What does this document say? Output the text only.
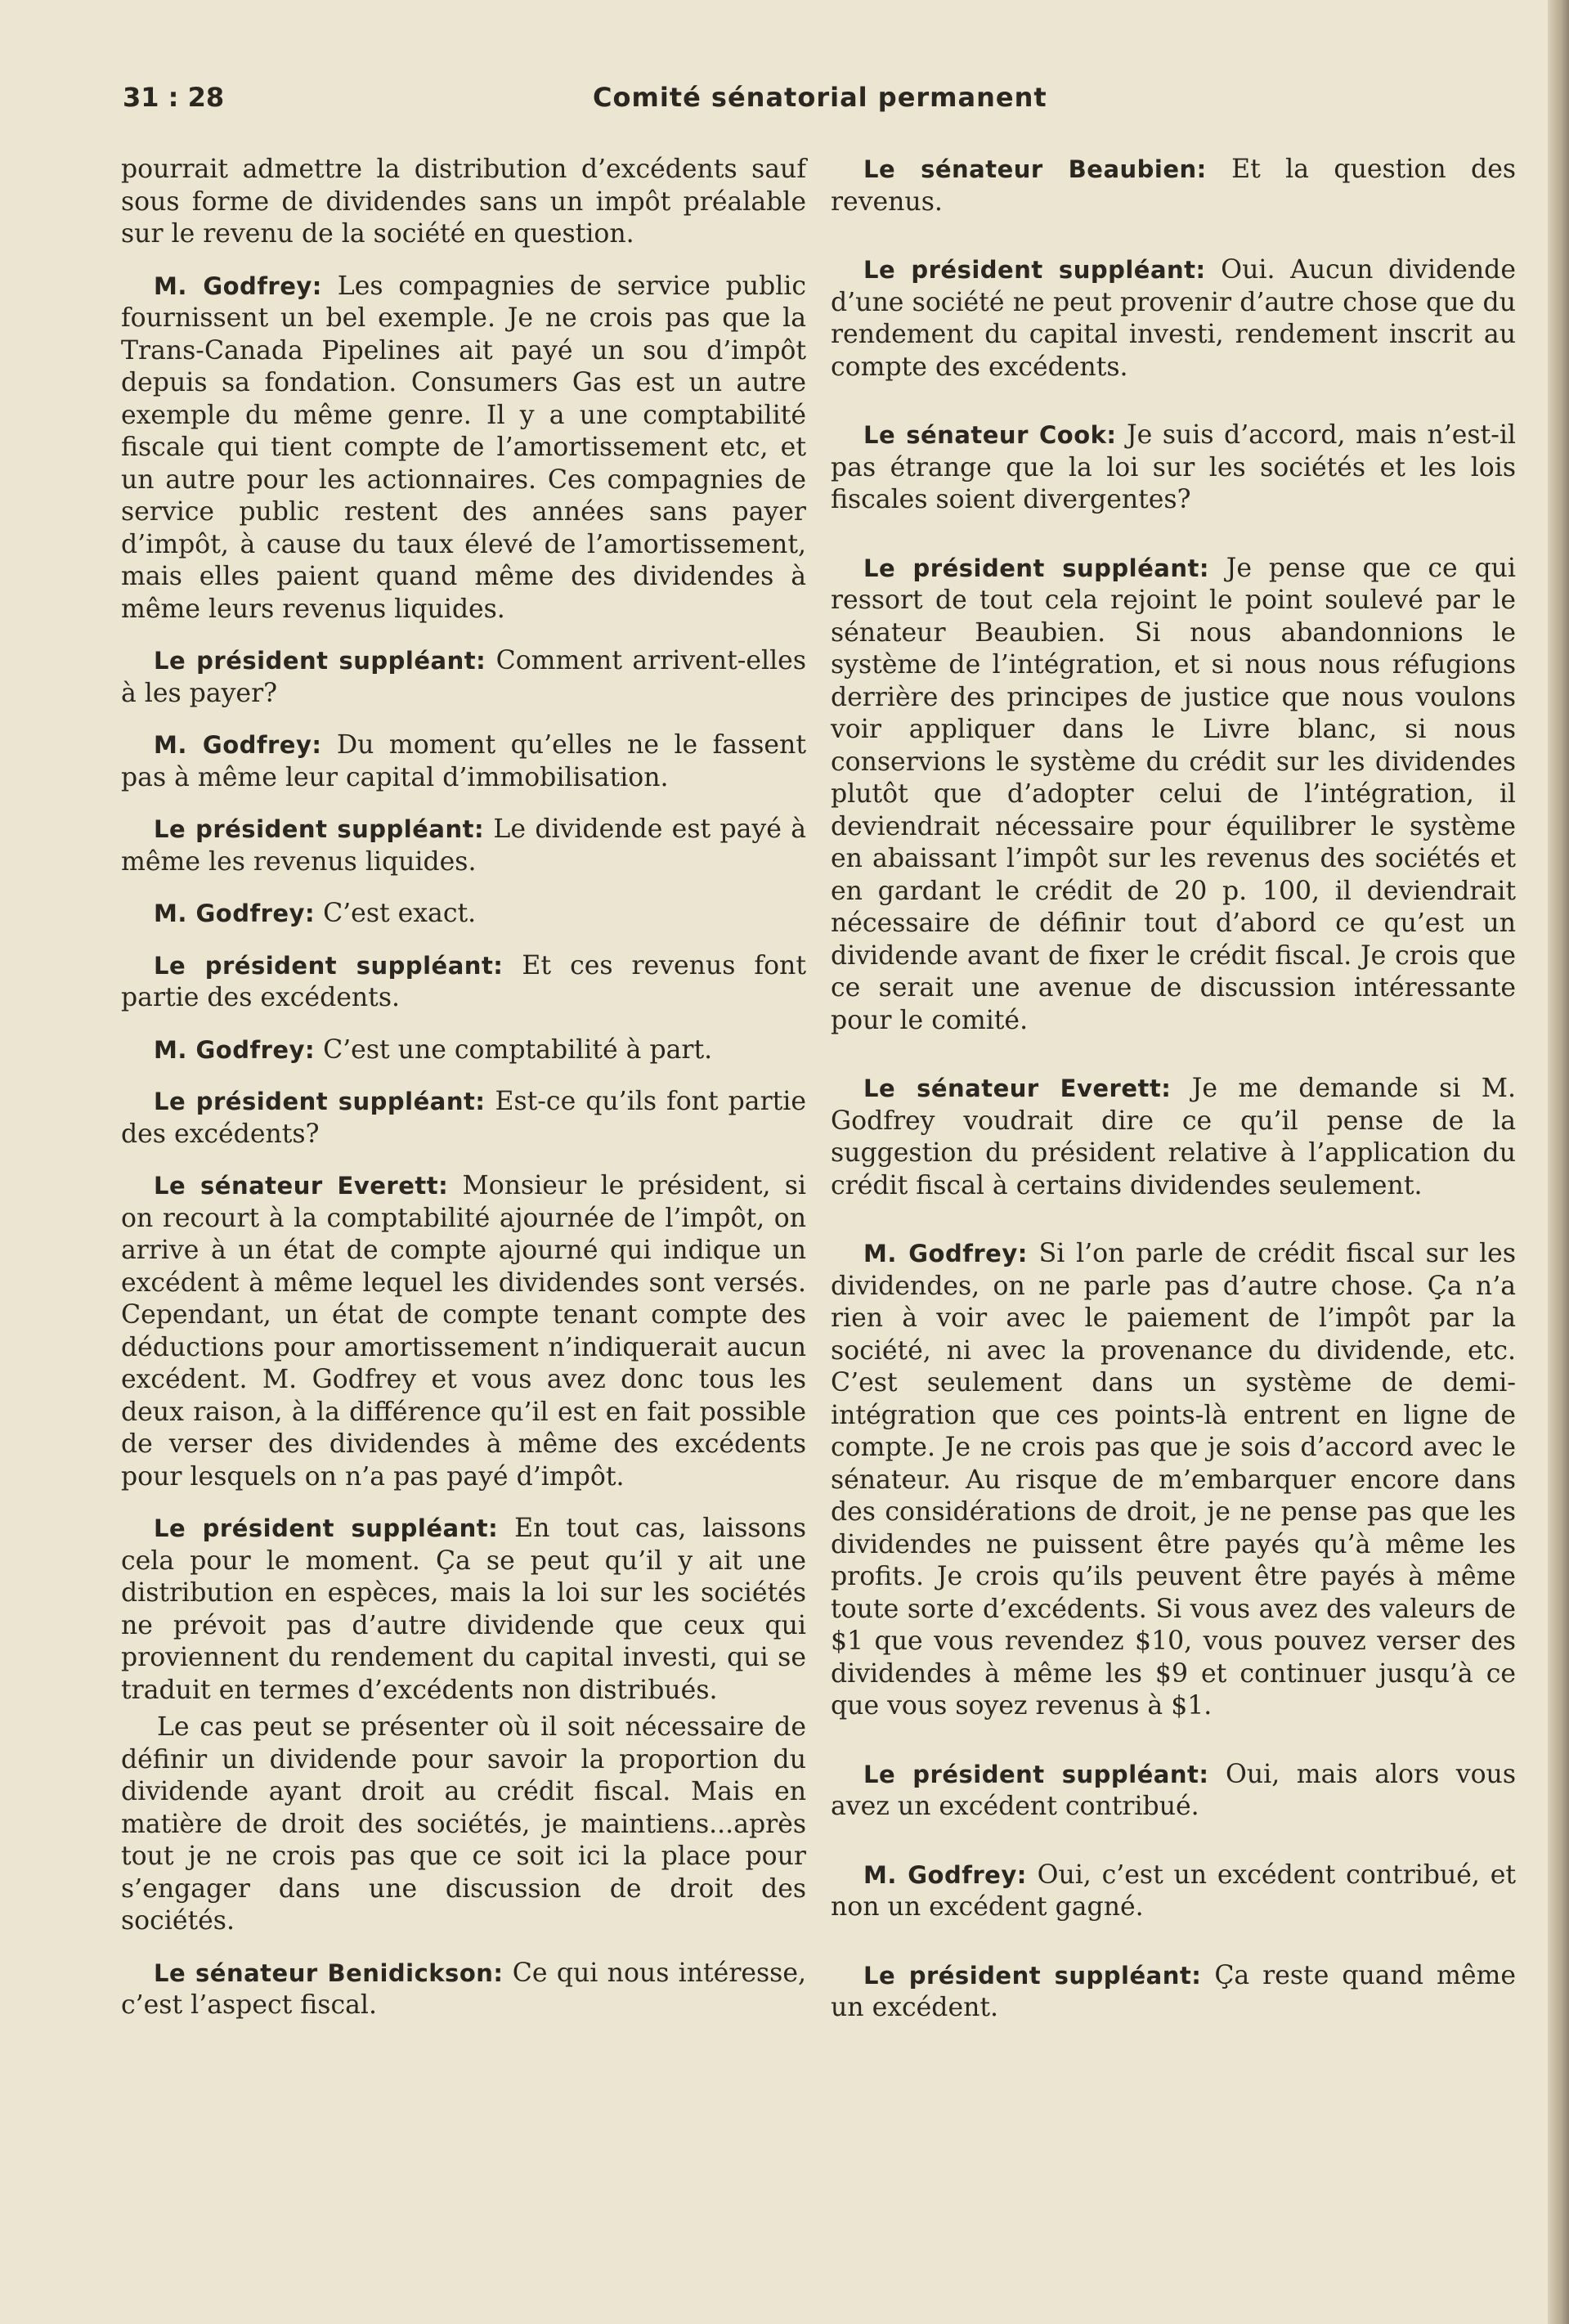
31 : 28	Comité sénatorial permanent

pourrait admettre la distribution d’excédents sauf sous forme de dividendes sans un impôt préalable sur le revenu de la société en question.

M. Godfrey: Les compagnies de service public fournissent un bel exemple. Je ne crois pas que la Trans-Canada Pipelines ait payé un sou d’impôt depuis sa fondation. Consumers Gas est un autre exemple du même genre. Il y a une comptabilité fiscale qui tient compte de l’amortissement etc, et un autre pour les actionnaires. Ces compagnies de service public restent des années sans payer d’impôt, à cause du taux élevé de l’amortissement, mais elles paient quand même des dividendes à même leurs revenus liquides.

Le président suppléant: Comment arrivent-elles à les payer?

M. Godfrey: Du moment qu’elles ne le fassent pas à même leur capital d’immobilisation.

Le président suppléant: Le dividende est payé à même les revenus liquides.

M. Godfrey: C’est exact.

Le président suppléant: Et ces revenus font partie des excédents.

M. Godfrey: C’est une comptabilité à part.

Le président suppléant: Est-ce qu’ils font partie des excédents?

Le sénateur Everett: Monsieur le président, si on recourt à la comptabilité ajournée de l’impôt, on arrive à un état de compte ajourné qui indique un excédent à même lequel les dividendes sont versés. Cependant, un état de compte tenant compte des déductions pour amortissement n’indiquerait aucun excédent. M. Godfrey et vous avez donc tous les deux raison, à la différence qu’il est en fait possible de verser des dividendes à même des excédents pour lesquels on n’a pas payé d’impôt.

Le président suppléant: En tout cas, laissons cela pour le moment. Ça se peut qu’il y ait une distribution en espèces, mais la loi sur les sociétés ne prévoit pas d’autre dividende que ceux qui proviennent du rendement du capital investi, qui se traduit en termes d’excédents non distribués.

Le cas peut se présenter où il soit nécessaire de définir un dividende pour savoir la proportion du dividende ayant droit au crédit fiscal. Mais en matière de droit des sociétés, je maintiens...après tout je ne crois pas que ce soit ici la place pour s’engager dans une discussion de droit des sociétés.

Le sénateur Benidickson: Ce qui nous intéresse, c’est l’aspect fiscal.

Le sénateur Beaubien: Et la question des revenus.

Le président suppléant: Oui. Aucun dividende d’une société ne peut provenir d’autre chose que du rendement du capital investi, rendement inscrit au compte des excédents.

Le sénateur Cook: Je suis d’accord, mais n’est-il pas étrange que la loi sur les sociétés et les lois fiscales soient divergentes?

Le président suppléant: Je pense que ce qui ressort de tout cela rejoint le point soulevé par le sénateur Beaubien. Si nous abandonnions le système de l’intégration, et si nous nous réfugions derrière des principes de justice que nous voulons voir appliquer dans le Livre blanc, si nous conservions le système du crédit sur les dividendes plutôt que d’adopter celui de l’intégration, il deviendrait nécessaire pour équilibrer le système en abaissant l’impôt sur les revenus des sociétés et en gardant le crédit de 20 p. 100, il deviendrait nécessaire de définir tout d’abord ce qu’est un dividende avant de fixer le crédit fiscal. Je crois que ce serait une avenue de discussion intéressante pour le comité.

Le sénateur Everett: Je me demande si M. Godfrey voudrait dire ce qu’il pense de la suggestion du président relative à l’application du crédit fiscal à certains dividendes seulement.

M. Godfrey: Si l’on parle de crédit fiscal sur les dividendes, on ne parle pas d’autre chose. Ça n’a rien à voir avec le paiement de l’impôt par la société, ni avec la provenance du dividende, etc. C’est seulement dans un système de demi-intégration que ces points-là entrent en ligne de compte. Je ne crois pas que je sois d’accord avec le sénateur. Au risque de m’embarquer encore dans des considérations de droit, je ne pense pas que les dividendes ne puissent être payés qu’à même les profits. Je crois qu’ils peuvent être payés à même toute sorte d’excédents. Si vous avez des valeurs de $1 que vous revendez $10, vous pouvez verser des dividendes à même les $9 et continuer jusqu’à ce que vous soyez revenus à $1.

Le président suppléant: Oui, mais alors vous avez un excédent contribué.

M. Godfrey: Oui, c’est un excédent contribué, et non un excédent gagné.

Le président suppléant: Ça reste quand même un excédent.
